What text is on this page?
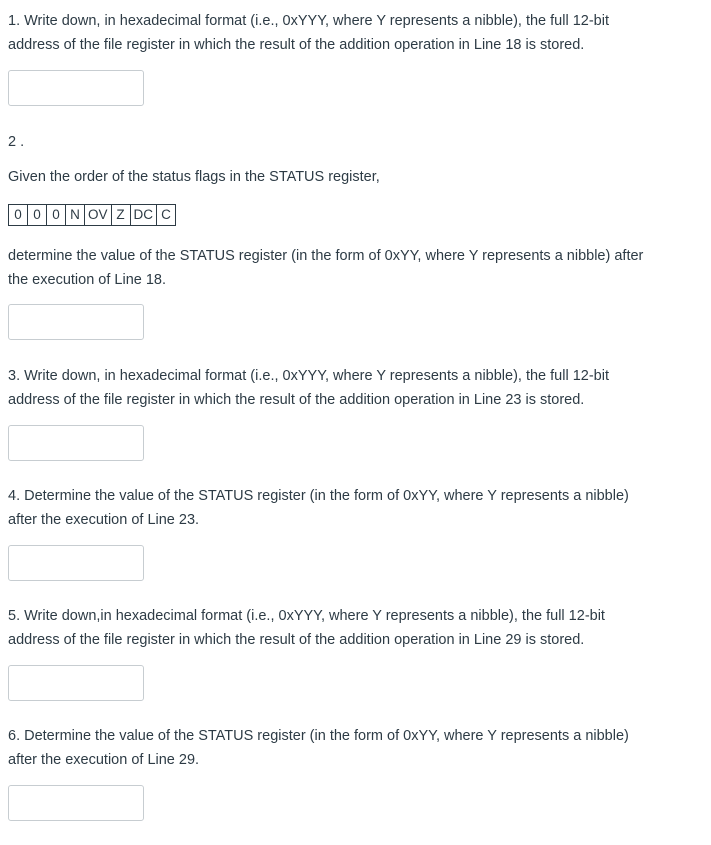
1. Write down, in hexadecimal format (i.e., 0xYYY, where Y represents a nibble), the full 12-bit

address of the file register in which the result of the addition operation in Line 18 is stored.

2 .

Given the order of the status flags in the STATUS register,

0	0	0	N	OV	Z	DC	C

determine the value of the STATUS register (in the form of 0xYY, where Y represents a nibble) after

the execution of Line 18.

3. Write down, in hexadecimal format (i.e., 0xYYY, where Y represents a nibble), the full 12-bit

address of the file register in which the result of the addition operation in Line 23 is stored.

4. Determine the value of the STATUS register (in the form of 0xYY, where Y represents a nibble)

after the execution of Line 23.

5. Write down,in hexadecimal format (i.e., 0xYYY, where Y represents a nibble), the full 12-bit

address of the file register in which the result of the addition operation in Line 29 is stored.

6. Determine the value of the STATUS register (in the form of 0xYY, where Y represents a nibble)

after the execution of Line 29.
